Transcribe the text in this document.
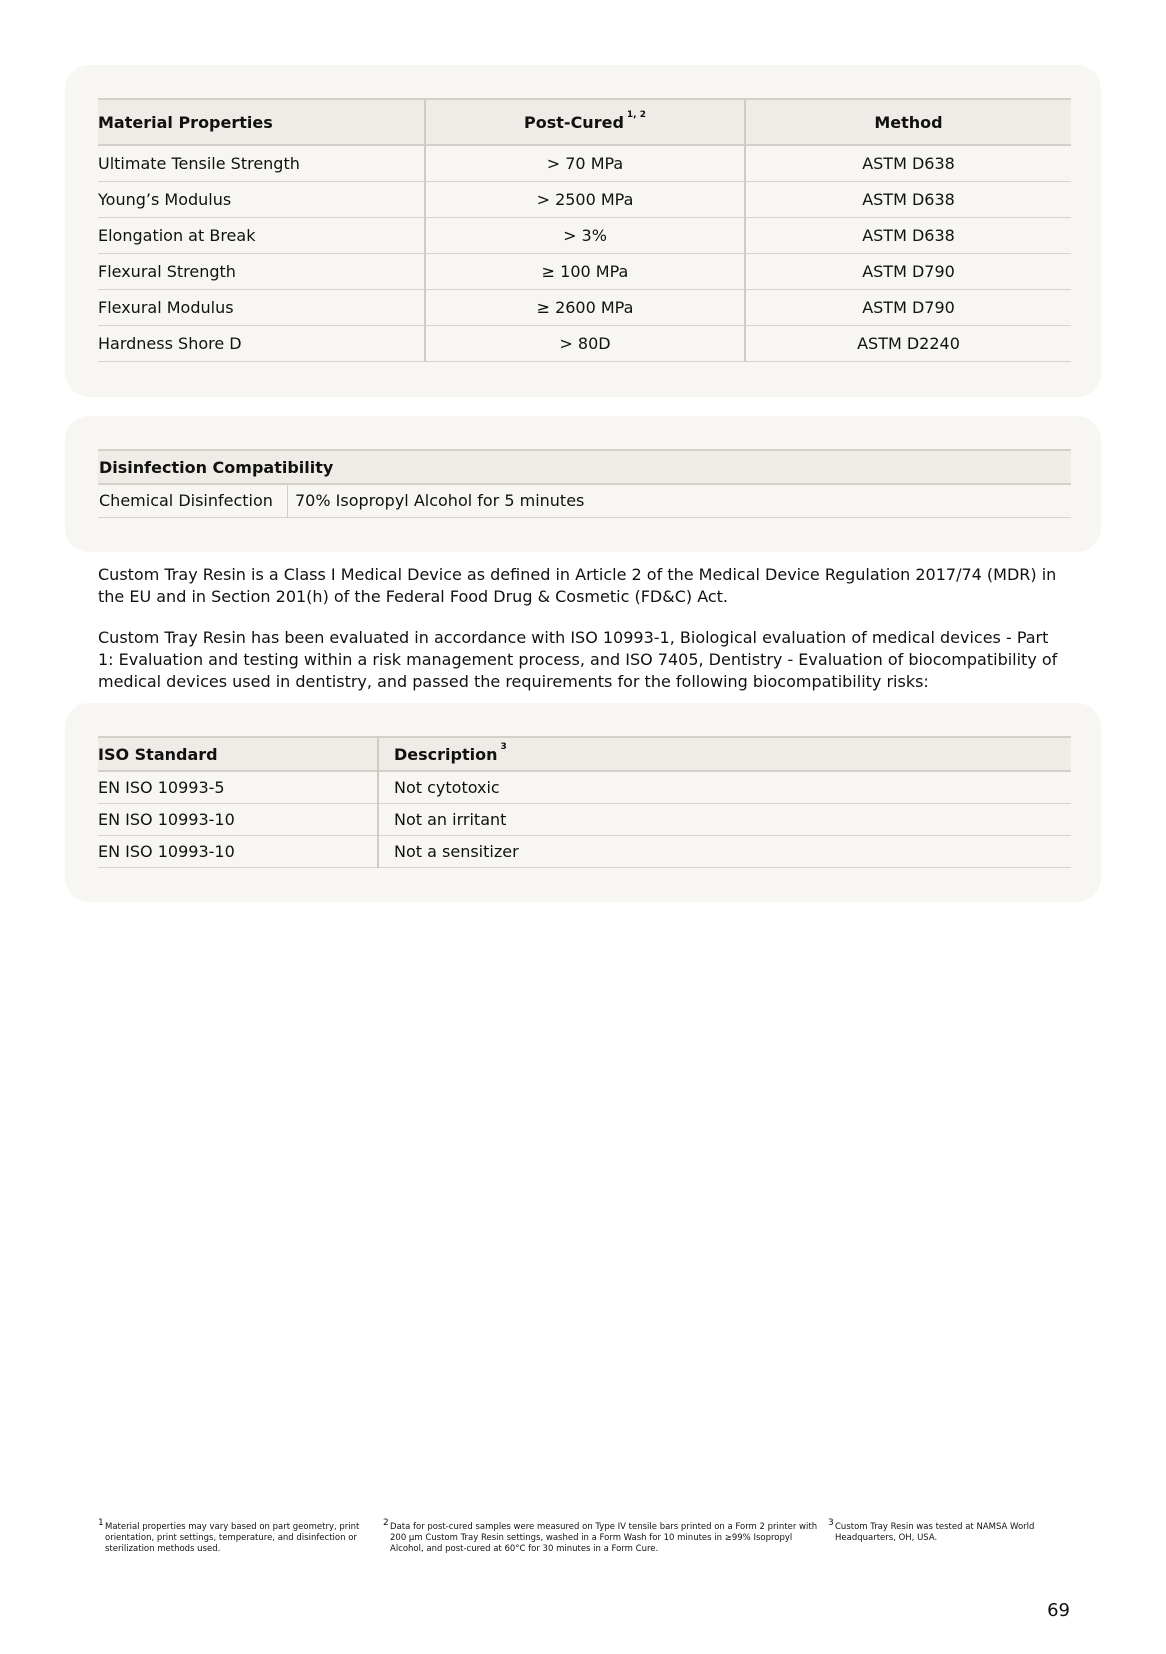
Material Properties	Post-Cured $^{1, 2}$	Method
Ultimate Tensile Strength	> 70 MPa	ASTM D638
Young’s Modulus	> 2500 MPa	ASTM D638
Elongation at Break	> 3%	ASTM D638
Flexural Strength	≥ 100 MPa	ASTM D790
Flexural Modulus	≥ 2600 MPa	ASTM D790
Hardness Shore D	> 80D	ASTM D2240
Disinfection Compatibility
Chemical Disinfection	70% Isopropyl Alcohol for 5 minutes

Custom Tray Resin is a Class I Medical Device as defined in Article 2 of the Medical Device Regulation 2017/74 (MDR) in the EU and in Section 201(h) of the Federal Food Drug & Cosmetic (FD&C) Act.

Custom Tray Resin has been evaluated in accordance with ISO 10993-1, Biological evaluation of medical devices - Part 1: Evaluation and testing within a risk management process, and ISO 7405, Dentistry - Evaluation of biocompatibility of medical devices used in dentistry, and passed the requirements for the following biocompatibility risks:

ISO Standard	Description $^3$
EN ISO 10993-5	Not cytotoxic
EN ISO 10993-10	Not an irritant
EN ISO 10993-10	Not a sensitizer
1 Material properties may vary based on part geometry, print orientation, print settings, temperature, and disinfection or sterilization methods used.
2 Data for post-cured samples were measured on Type IV tensile bars printed on a Form 2 printer with 200 µm Custom Tray Resin settings, washed in a Form Wash for 10 minutes in ≥99% Isopropyl Alcohol, and post-cured at 60°C for 30 minutes in a Form Cure.
3 Custom Tray Resin was tested at NAMSA World Headquarters, OH, USA.
69
